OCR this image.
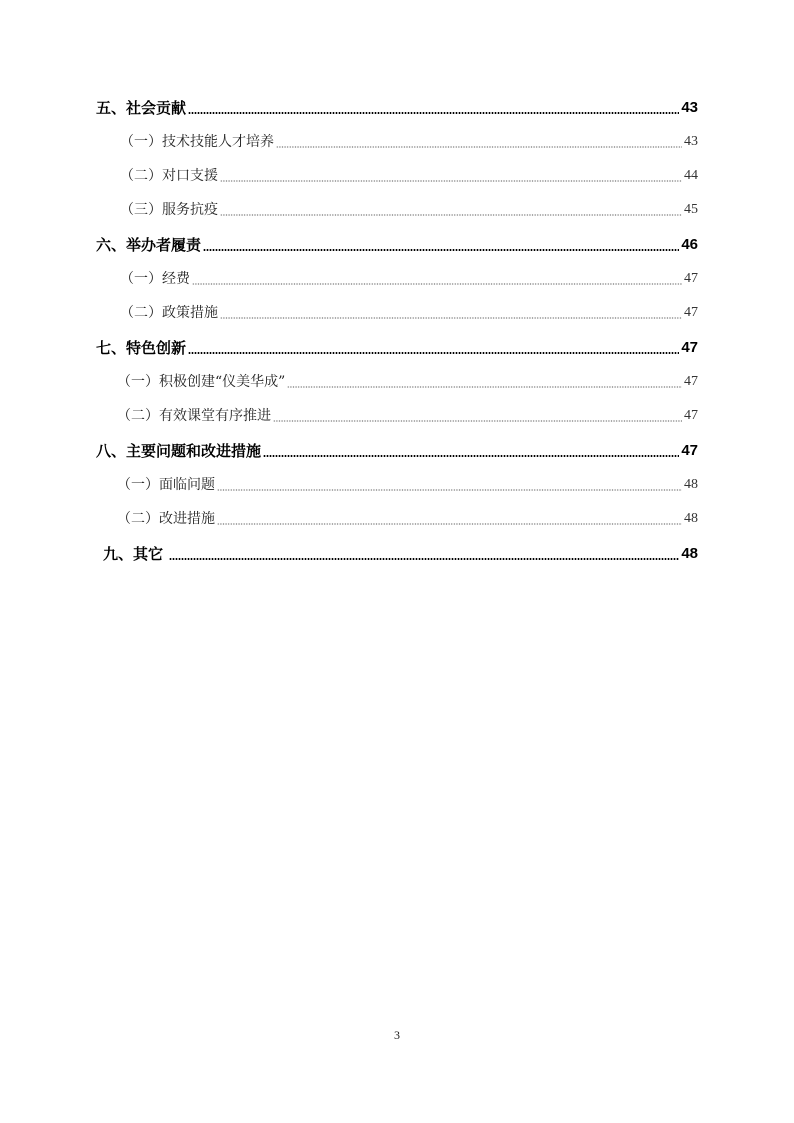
五、社会贡献	43
（一）技术技能人才培养	43
（二）对口支援	44
（三）服务抗疫	45
六、举办者履责	46
（一）经费	47
（二）政策措施	47
七、特色创新	47
（一）积极创建“仪美华成”	47
（二）有效课堂有序推进	47
八、主要问题和改进措施	47
（一）面临问题	48
（二）改进措施	48
九、其它	48
3
